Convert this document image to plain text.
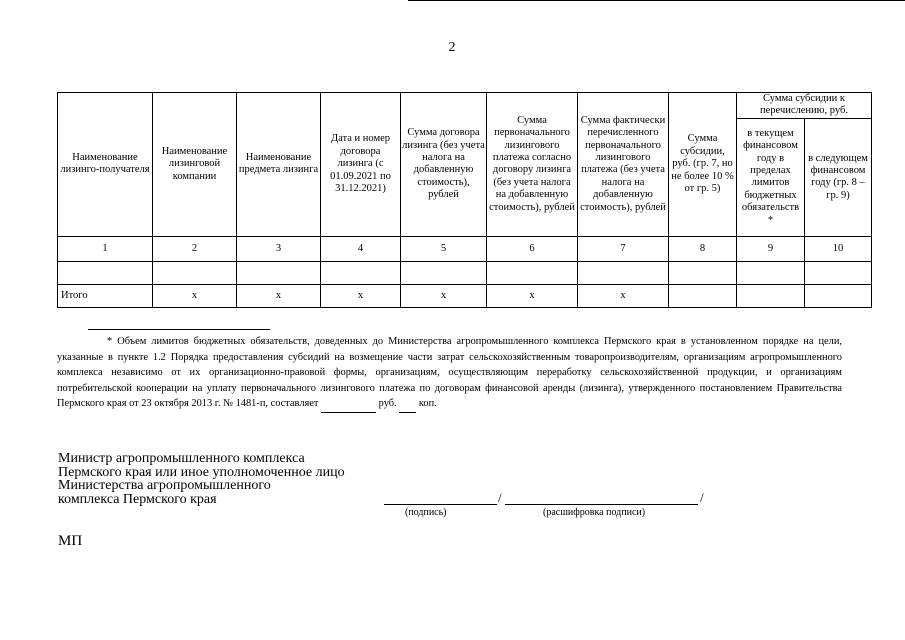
2
Наименование лизинго-получателя	Наименование лизинговой компании	Наименование предмета лизинга	Дата и номер договора лизинга (с 01.09.2021 по 31.12.2021)	Сумма договора лизинга (без учета налога на добавленную стоимость), рублей	Сумма первоначального лизингового платежа согласно договору лизинга (без учета налога на добавленную стоимость), рублей	Сумма фактически перечисленного первоначального лизингового платежа (без учета налога на добавленную стоимость), рублей	Сумма субсидии, руб. (гр. 7, но не более 10 % от гр. 5)	Сумма субсидии к перечислению, руб.	
								в текущем финансовом году в пределах лимитов бюджетных обязательств *	в следующем финансовом году (гр. 8 – гр. 9)
1	2	3	4	5	6	7	8	9	10

Итого	x	x	x	x	x	x			

* Объем лимитов бюджетных обязательств, доведенных до Министерства агропромышленного комплекса Пермского края в установленном порядке на цели, указанные в пункте 1.2 Порядка предоставления субсидий на возмещение части затрат сельскохозяйственным товаропроизводителям, организациям агропромышленного комплекса независимо от их организационно-правовой формы, организациям, осуществляющим переработку сельскохозяйственной продукции, и организациям потребительской кооперации на уплату первоначального лизингового платежа по договорам финансовой аренды (лизинга), утвержденного постановлением Правительства Пермского края от 23 октября 2013 г. № 1481-п, составляет	руб. коп.

Министр агропромышленного комплекса
Пермского края или иное уполномоченное лицо
Министерства агропромышленного
комплекса Пермского края	/	/
(подпись)	(расшифровка подписи)
МП
